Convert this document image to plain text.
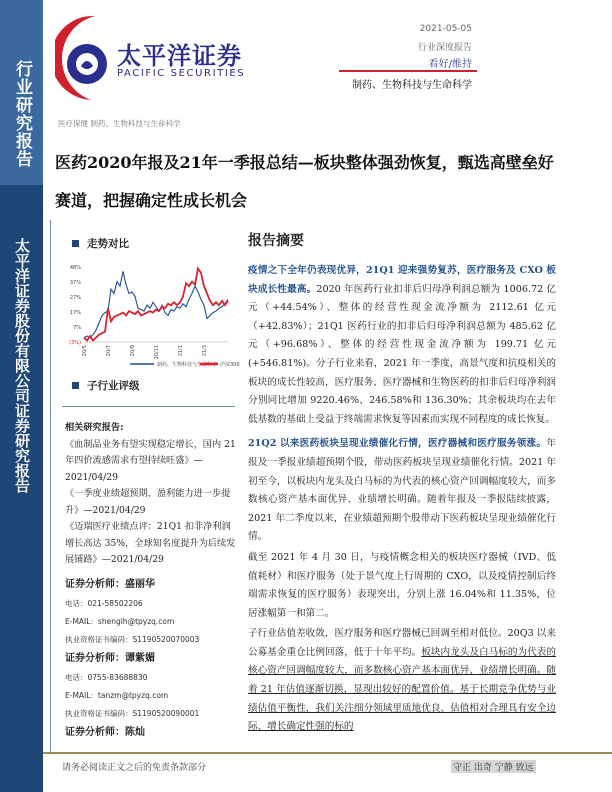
行业研究报告
太平洋证券股份有限公司证券研究报告
太平洋证券
PACIFIC SECURITIES
2021-05-05
行业深度报告
看好/维持
制药、生物科技与生命科学
医疗保健 制药、生物科技与生命科学
医药2020年报及21年一季报总结—板块整体强劲恢复，甄选高壁垒好
赛道，把握确定性成长机会
走势对比
(3%)
7%
17%
27%
37%
48%
20/5	20/7	20/9	20/11	21/1	21/3
制药、生物科技与生命科学 沪深300
子行业评级
相关研究报告:
《血制品业务有望实现稳定增长，国内 21 年四价流感需求有望持续旺盛》—2021/04/29
《一季度业绩超预期，盈利能力进一步提升》—2021/04/29
《迈瑞医疗业绩点评：21Q1 扣非净利润增长高达 35%，全球知名度提升为后续发展铺路》—2021/04/29
证券分析师：盛丽华
电话：021-58502206
E-MAIL：shenglh@tpyzq.com
执业资格证书编码：S1190520070003
证券分析师：谭紫媚
电话：0755-83688830
E-MAIL：tanzm@tpyzq.com
执业资格证书编码：S1190520090001
证券分析师：陈灿
报告摘要

疫情之下全年仍表现优异，21Q1 迎来强势复苏，医疗服务及 CXO 板块成长性最高。2020 年医药行业扣非后归母净利润总额为 1006.72 亿元（+44.54%）、整体的经营性现金流净额为 2112.61 亿元（+42.83%）；21Q1 医药行业的扣非后归母净利润总额为 485.62 亿元（+96.68%）、整体的经营性现金流净额为 199.71 亿元(+546.81%)。分子行业来看，2021 年一季度，高景气度和抗疫相关的板块的成长性较高，医疗服务、医疗器械和生物医药的扣非后归母净利润分别同比增加 9220.46%、246.58%和 136.30%；其余板块均在去年低基数的基础上受益于终端需求恢复等因素而实现不同程度的成长恢复。

21Q2 以来医药板块呈现业绩催化行情，医疗器械和医疗服务领涨。年报及一季报业绩超预期个股，带动医药板块呈现业绩催化行情。2021 年初至今，以板块内龙头及白马标的为代表的核心资产回调幅度较大，而多数核心资产基本面优异、业绩增长明确。随着年报及一季报陆续披露，2021 年二季度以来，在业绩超预期个股带动下医药板块呈现业绩催化行情。

截至 2021 年 4 月 30 日，与疫情概念相关的板块医疗器械（IVD、低值耗材）和医疗服务（处于景气度上行周期的 CXO，以及疫情控制后终端需求恢复的医疗服务）表现突出，分别上涨 16.04%和 11.35%，位居涨幅第一和第二。

子行业估值差收敛，医疗服务和医疗器械已回调至相对低位。20Q3 以来公募基金重仓比例回落，低于十年平均。板块内龙头及白马标的为代表的核心资产回调幅度较大，而多数核心资产基本面优异、业绩增长明确。随着 21 年估值逐渐切换，显现出较好的配置价值。基于长期竞争优势与业绩估值平衡性，我们关注细分领域里质地优良、估值相对合理具有安全边际、增长确定性强的标的

请务必阅读正文之后的免责条款部分	守正 出奇 宁静 致远
